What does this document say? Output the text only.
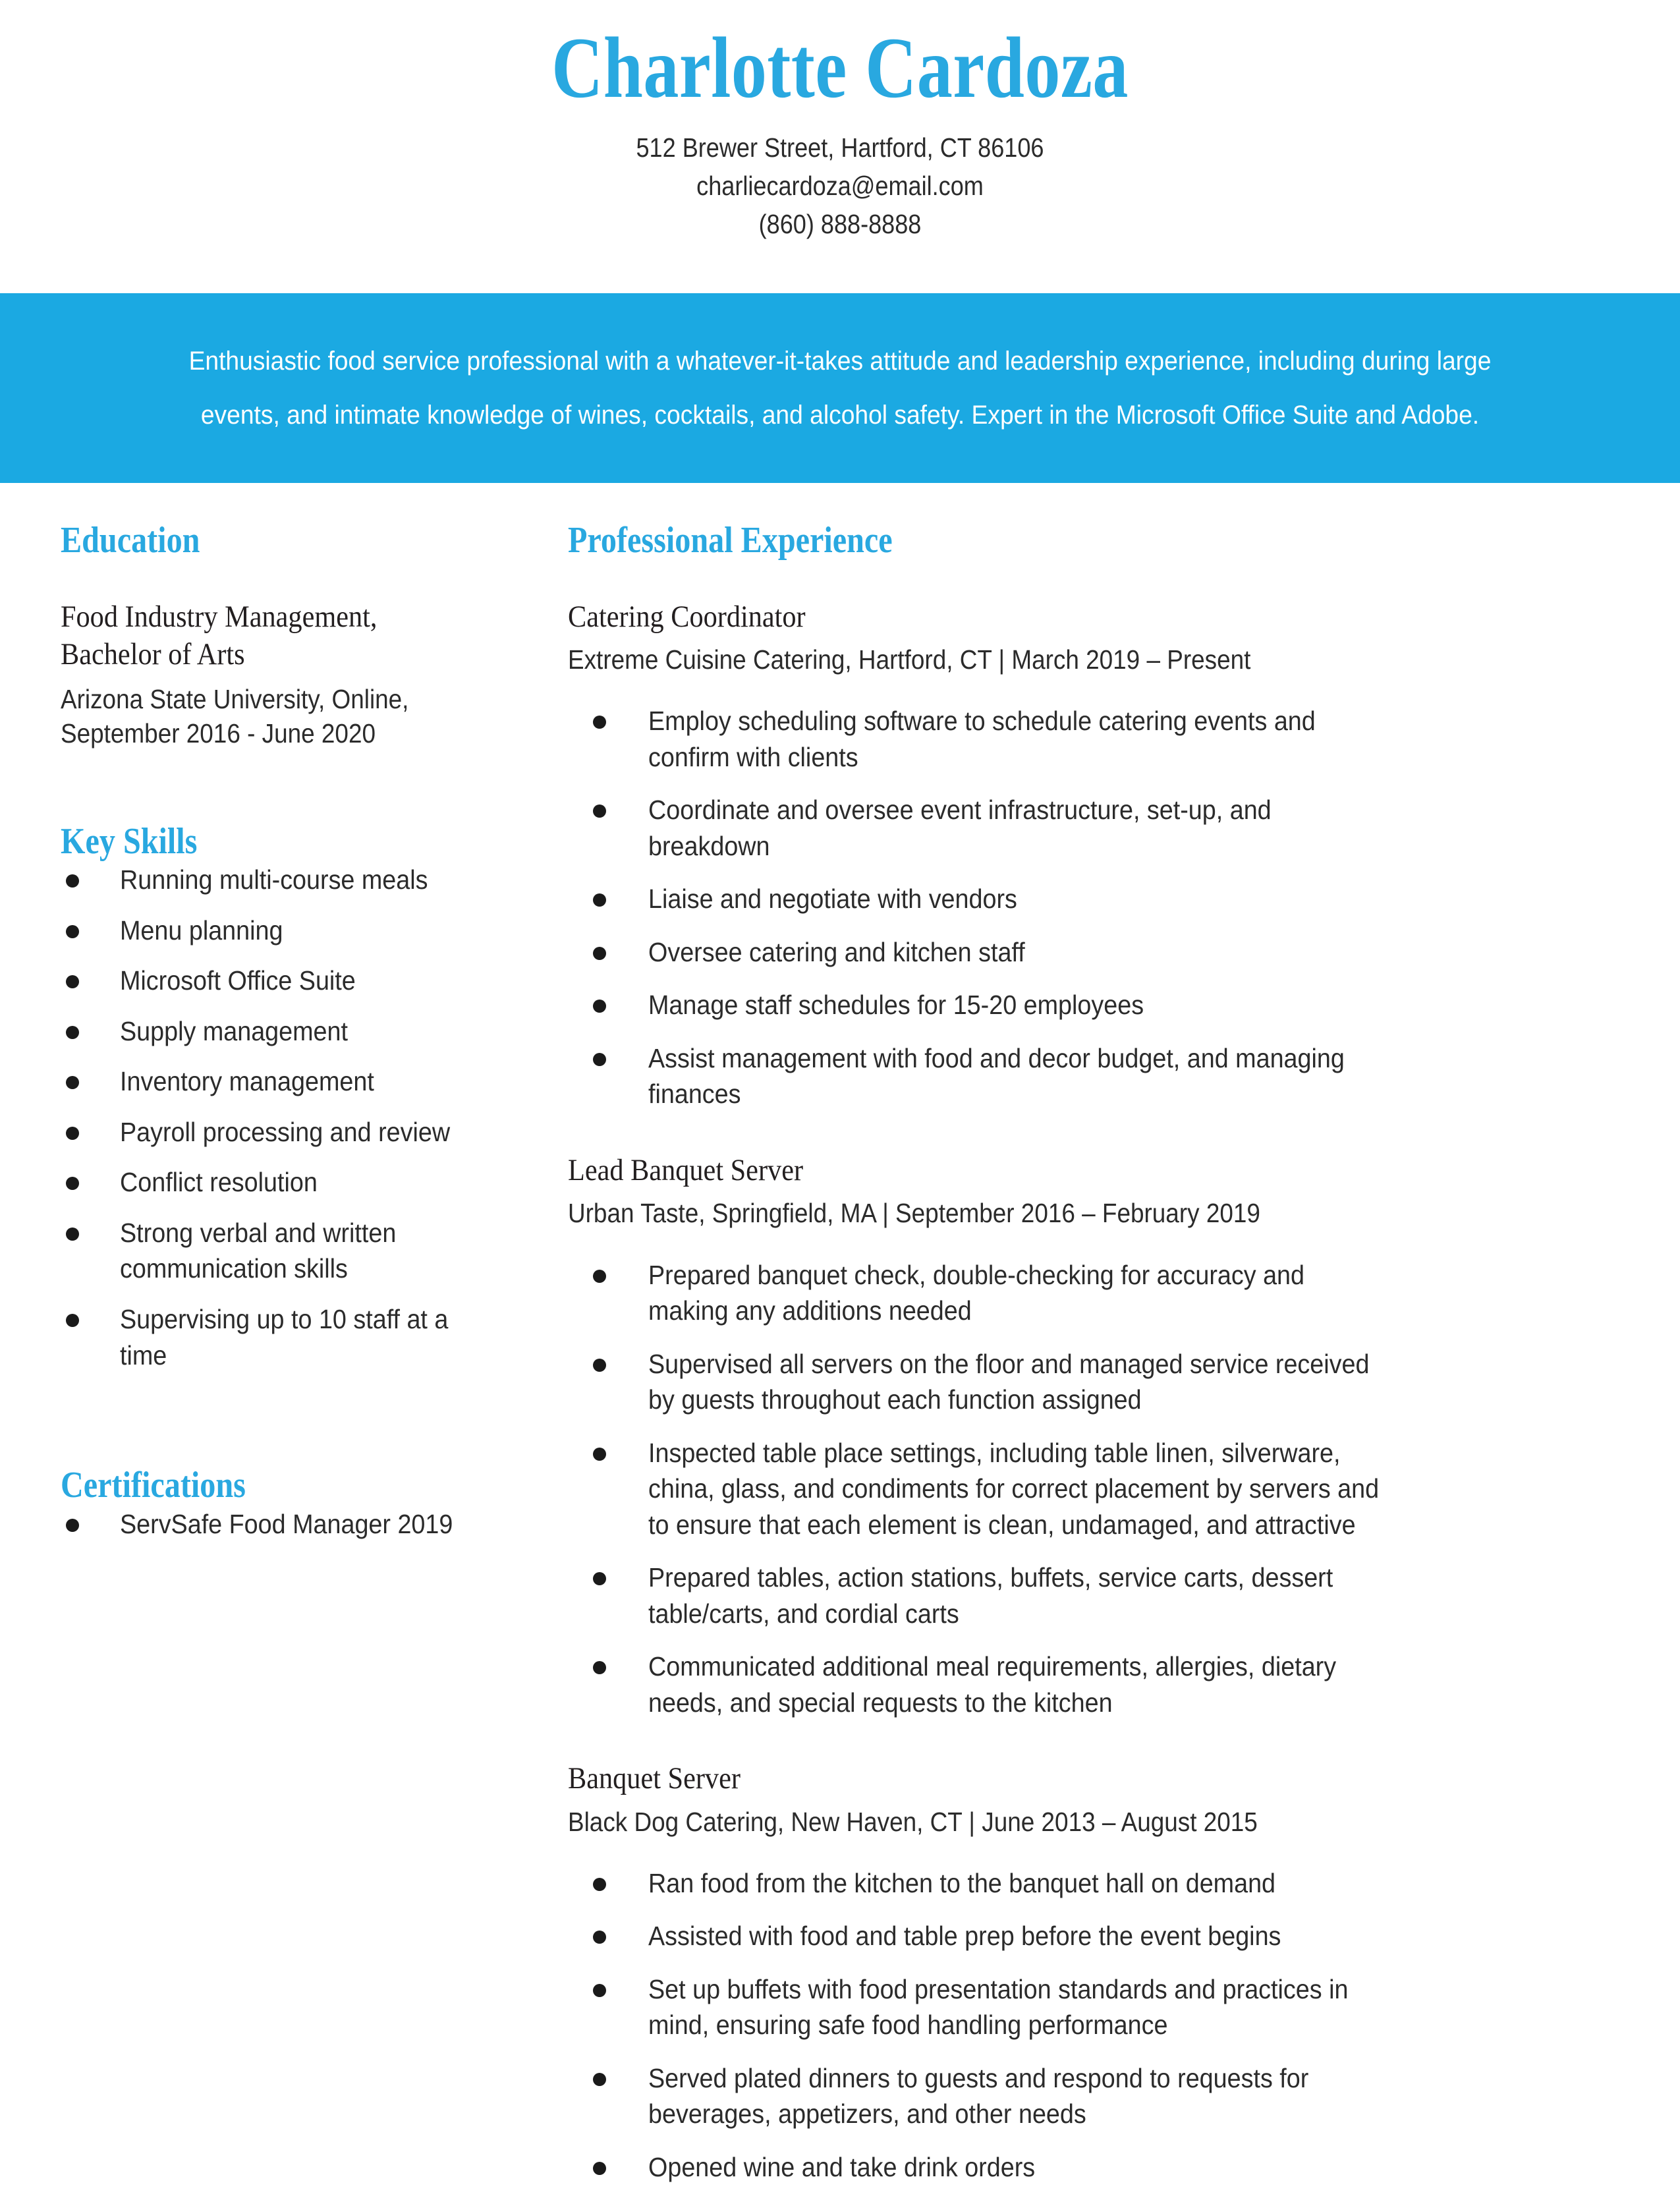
Charlotte Cardoza
512 Brewer Street, Hartford, CT 86106
charliecardoza@email.com
(860) 888-8888
Enthusiastic food service professional with a whatever-it-takes attitude and leadership experience, including during large events, and intimate knowledge of wines, cocktails, and alcohol safety. Expert in the Microsoft Office Suite and Adobe.
Education
Food Industry Management, Bachelor of Arts
Arizona State University, Online, September 2016 - June 2020
Key Skills
Running multi-course meals
Menu planning
Microsoft Office Suite
Supply management
Inventory management
Payroll processing and review
Conflict resolution
Strong verbal and written communication skills
Supervising up to 10 staff at a time
Certifications
ServSafe Food Manager 2019
Professional Experience
Catering Coordinator
Extreme Cuisine Catering, Hartford, CT | March 2019 – Present
Employ scheduling software to schedule catering events and confirm with clients
Coordinate and oversee event infrastructure, set-up, and breakdown
Liaise and negotiate with vendors
Oversee catering and kitchen staff
Manage staff schedules for 15-20 employees
Assist management with food and decor budget, and managing finances
Lead Banquet Server
Urban Taste, Springfield, MA | September 2016 – February 2019
Prepared banquet check, double-checking for accuracy and making any additions needed
Supervised all servers on the floor and managed service received by guests throughout each function assigned
Inspected table place settings, including table linen, silverware, china, glass, and condiments for correct placement by servers and to ensure that each element is clean, undamaged, and attractive
Prepared tables, action stations, buffets, service carts, dessert table/carts, and cordial carts
Communicated additional meal requirements, allergies, dietary needs, and special requests to the kitchen
Banquet Server
Black Dog Catering, New Haven, CT | June 2013 – August 2015
Ran food from the kitchen to the banquet hall on demand
Assisted with food and table prep before the event begins
Set up buffets with food presentation standards and practices in mind, ensuring safe food handling performance
Served plated dinners to guests and respond to requests for beverages, appetizers, and other needs
Opened wine and take drink orders
